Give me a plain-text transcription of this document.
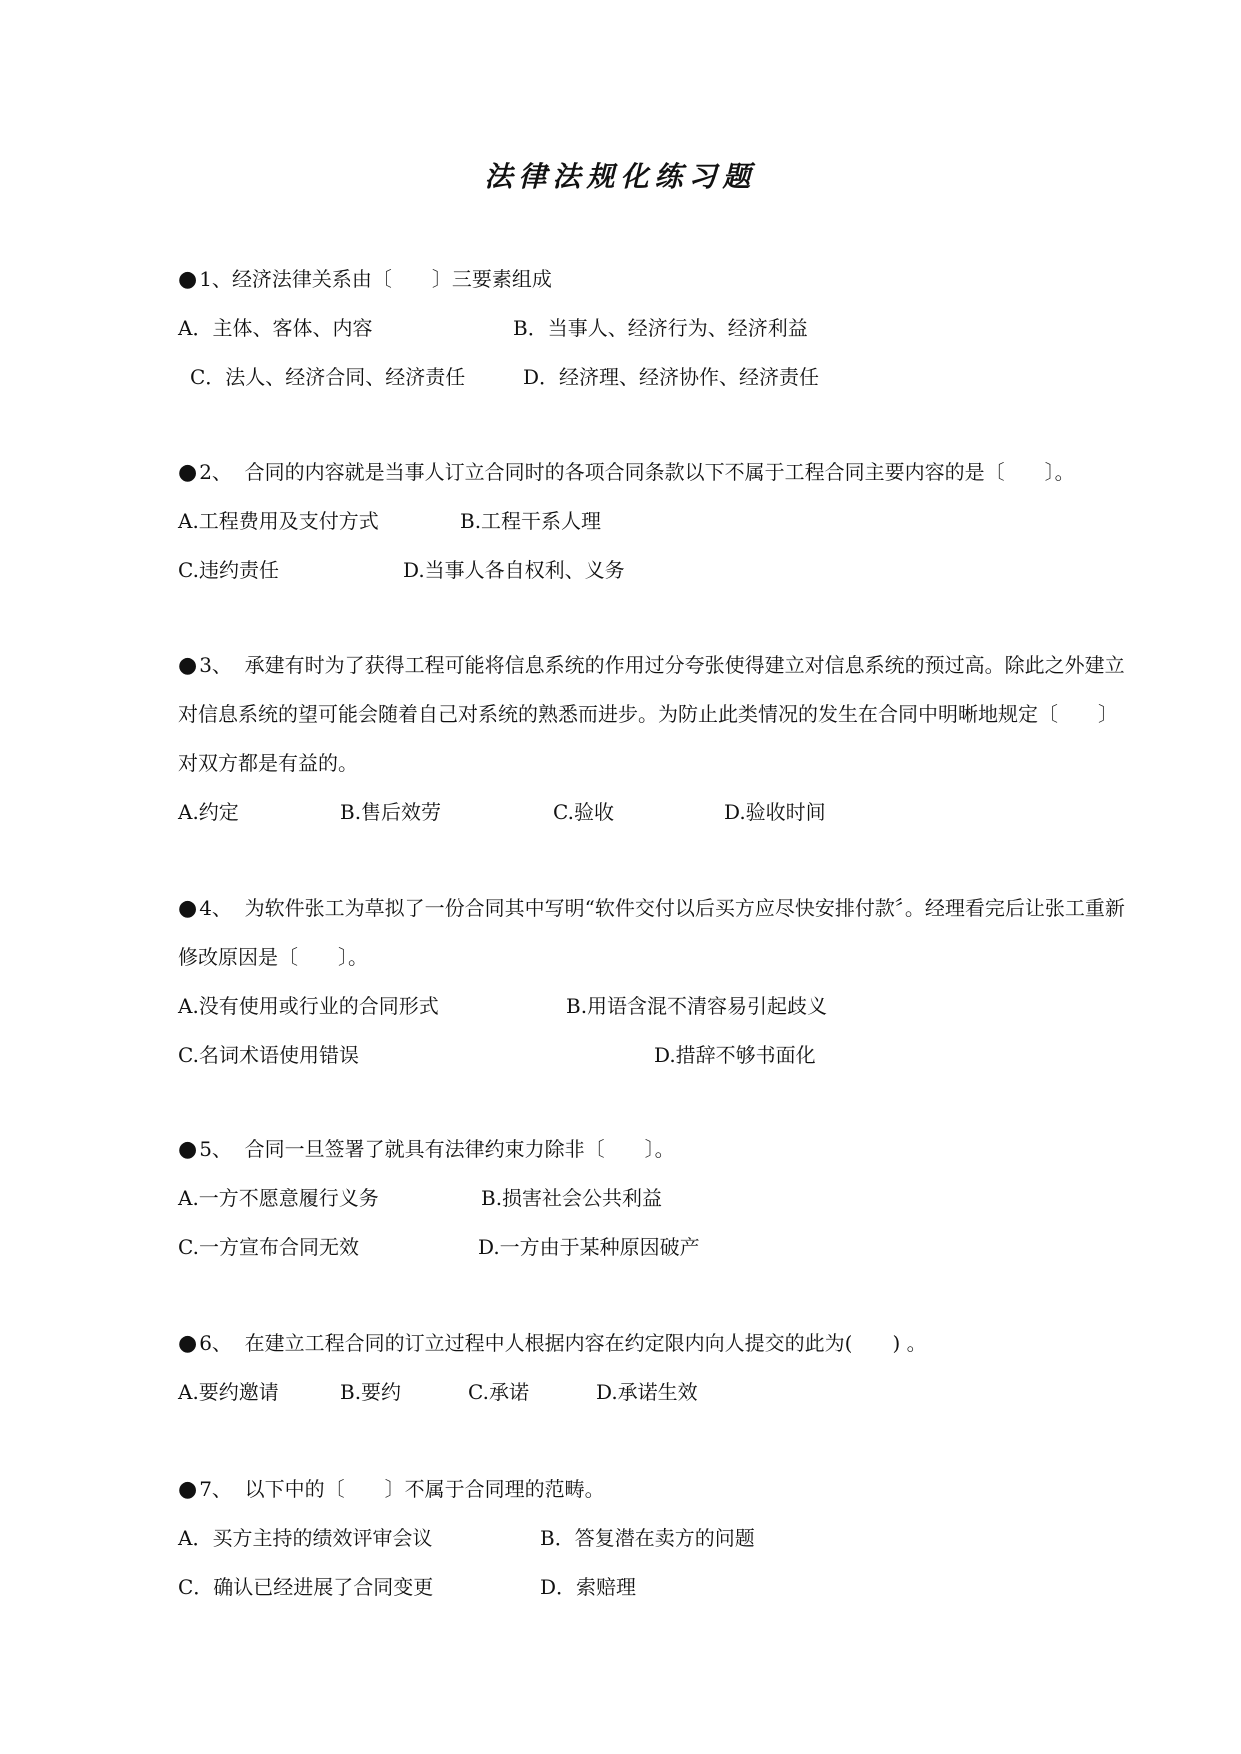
法律法规化练习题

● 1、经济法律关系由〔　　〕三要素组成

A．主体、客体、内容	B．当事人、经济行为、经济利益
C．法人、经济合同、经济责任	D．经济理、经济协作、经济责任

● 2、 合同的内容就是当事人订立合同时的各项合同条款以下不属于工程合同主要内容的是〔　　〕。

A.工程费用及支付方式	B.工程干系人理
C.违约责任	D.当事人各自权利、义务

● 3、 承建有时为了获得工程可能将信息系统的作用过分夸张使得建立对信息系统的预过高。除此之外建立对信息系统的望可能会随着自己对系统的熟悉而进步。为防止此类情况的发生在合同中明晰地规定〔　　〕对双方都是有益的。

A.约定	B.售后效劳	C.验收	D.验收时间

● 4、 为软件张工为草拟了一份合同其中写明“软件交付以后买方应尽快安排付款〞。经理看完后让张工重新修改原因是〔　　〕。

A.没有使用或行业的合同形式	B.用语含混不清容易引起歧义
C.名词术语使用错误	D.措辞不够书面化

● 5、 合同一旦签署了就具有法律约束力除非〔　　〕。

A.一方不愿意履行义务	B.损害社会公共利益
C.一方宣布合同无效	D.一方由于某种原因破产

● 6、 在建立工程合同的订立过程中人根据内容在约定限内向人提交的此为(　　) 。

A.要约邀请	B.要约	C.承诺	D.承诺生效

● 7、 以下中的〔　　〕不属于合同理的范畴。

A．买方主持的绩效评审会议	B．答复潜在卖方的问题
C．确认已经进展了合同变更	D．索赔理
